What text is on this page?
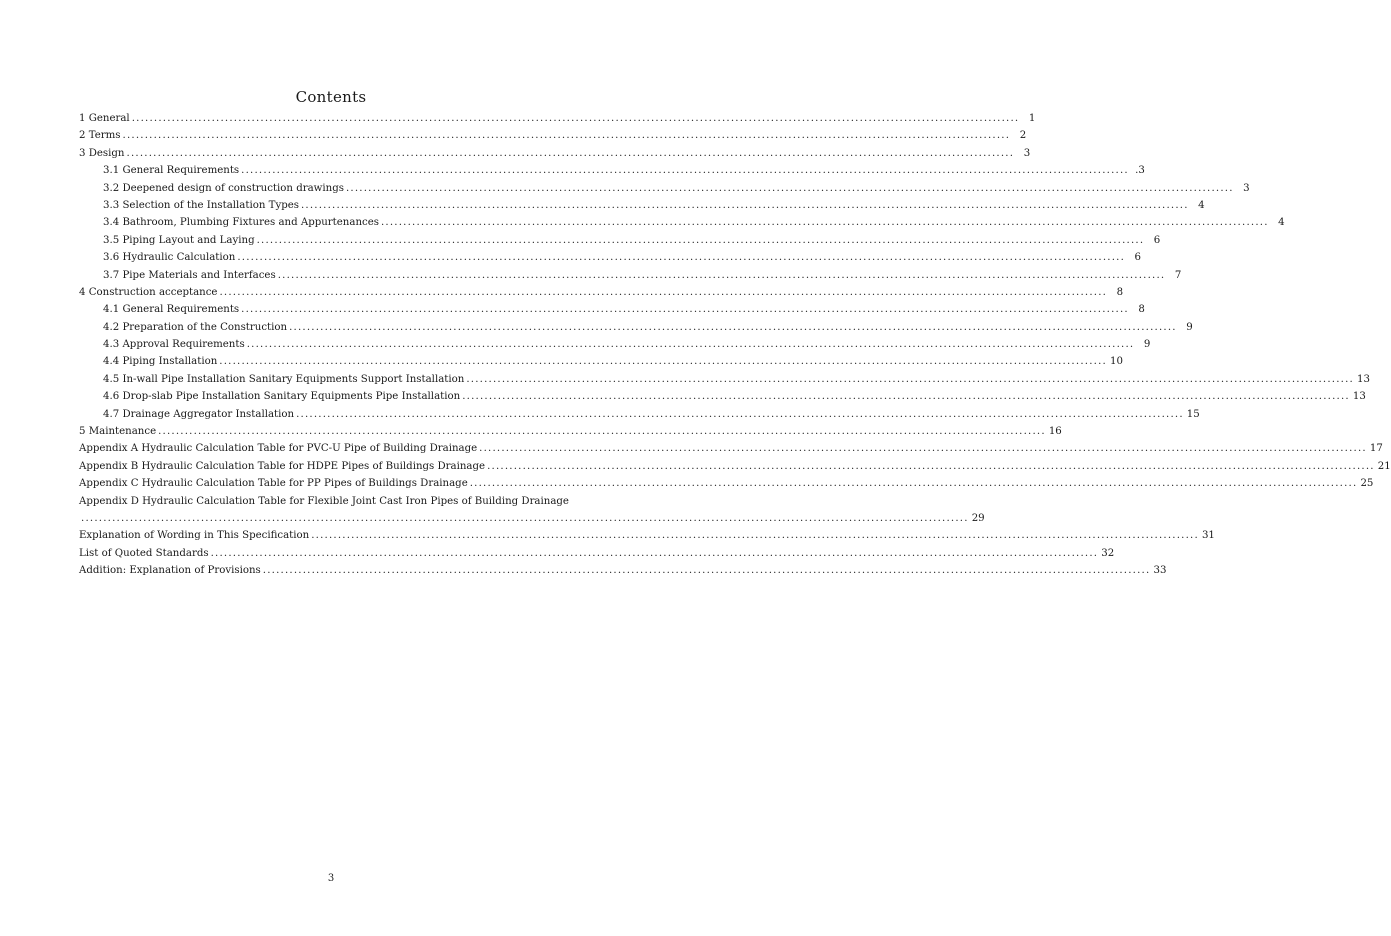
Contents
1 General ........................................................................................................................................................................................................ 1
2 Terms ........................................................................................................................................................................................................ 2
3 Design ........................................................................................................................................................................................................ 3
3.1 General Requirements ........................................................................................................................................................................................................ .3
3.2 Deepened design of construction drawings ........................................................................................................................................................................................................ 3
3.3 Selection of the Installation Types ........................................................................................................................................................................................................ 4
3.4 Bathroom, Plumbing Fixtures and Appurtenances ........................................................................................................................................................................................................ 4
3.5 Piping Layout and Laying ........................................................................................................................................................................................................ 6
3.6 Hydraulic Calculation ........................................................................................................................................................................................................ 6
3.7 Pipe Materials and Interfaces ........................................................................................................................................................................................................ 7
4 Construction acceptance ........................................................................................................................................................................................................ 8
4.1 General Requirements ........................................................................................................................................................................................................ 8
4.2 Preparation of the Construction ........................................................................................................................................................................................................ 9
4.3 Approval Requirements ........................................................................................................................................................................................................ 9
4.4 Piping Installation ........................................................................................................................................................................................................ 10
4.5 In-wall Pipe Installation Sanitary Equipments Support Installation ........................................................................................................................................................................................................ 13
4.6 Drop-slab Pipe Installation Sanitary Equipments Pipe Installation ........................................................................................................................................................................................................ 13
4.7 Drainage Aggregator Installation ........................................................................................................................................................................................................ 15
5 Maintenance ........................................................................................................................................................................................................ 16
Appendix A Hydraulic Calculation Table for PVC-U Pipe of Building Drainage ........................................................................................................................................................................................................ 17
Appendix B Hydraulic Calculation Table for HDPE Pipes of Buildings Drainage ........................................................................................................................................................................................................ 21
Appendix C Hydraulic Calculation Table for PP Pipes of Buildings Drainage ........................................................................................................................................................................................................ 25
Appendix D Hydraulic Calculation Table for Flexible Joint Cast Iron Pipes of Building Drainage
........................................................................................................................................................................................................ 29
Explanation of Wording in This Specification ........................................................................................................................................................................................................ 31
List of Quoted Standards ........................................................................................................................................................................................................ 32
Addition: Explanation of Provisions ........................................................................................................................................................................................................ 33
3
